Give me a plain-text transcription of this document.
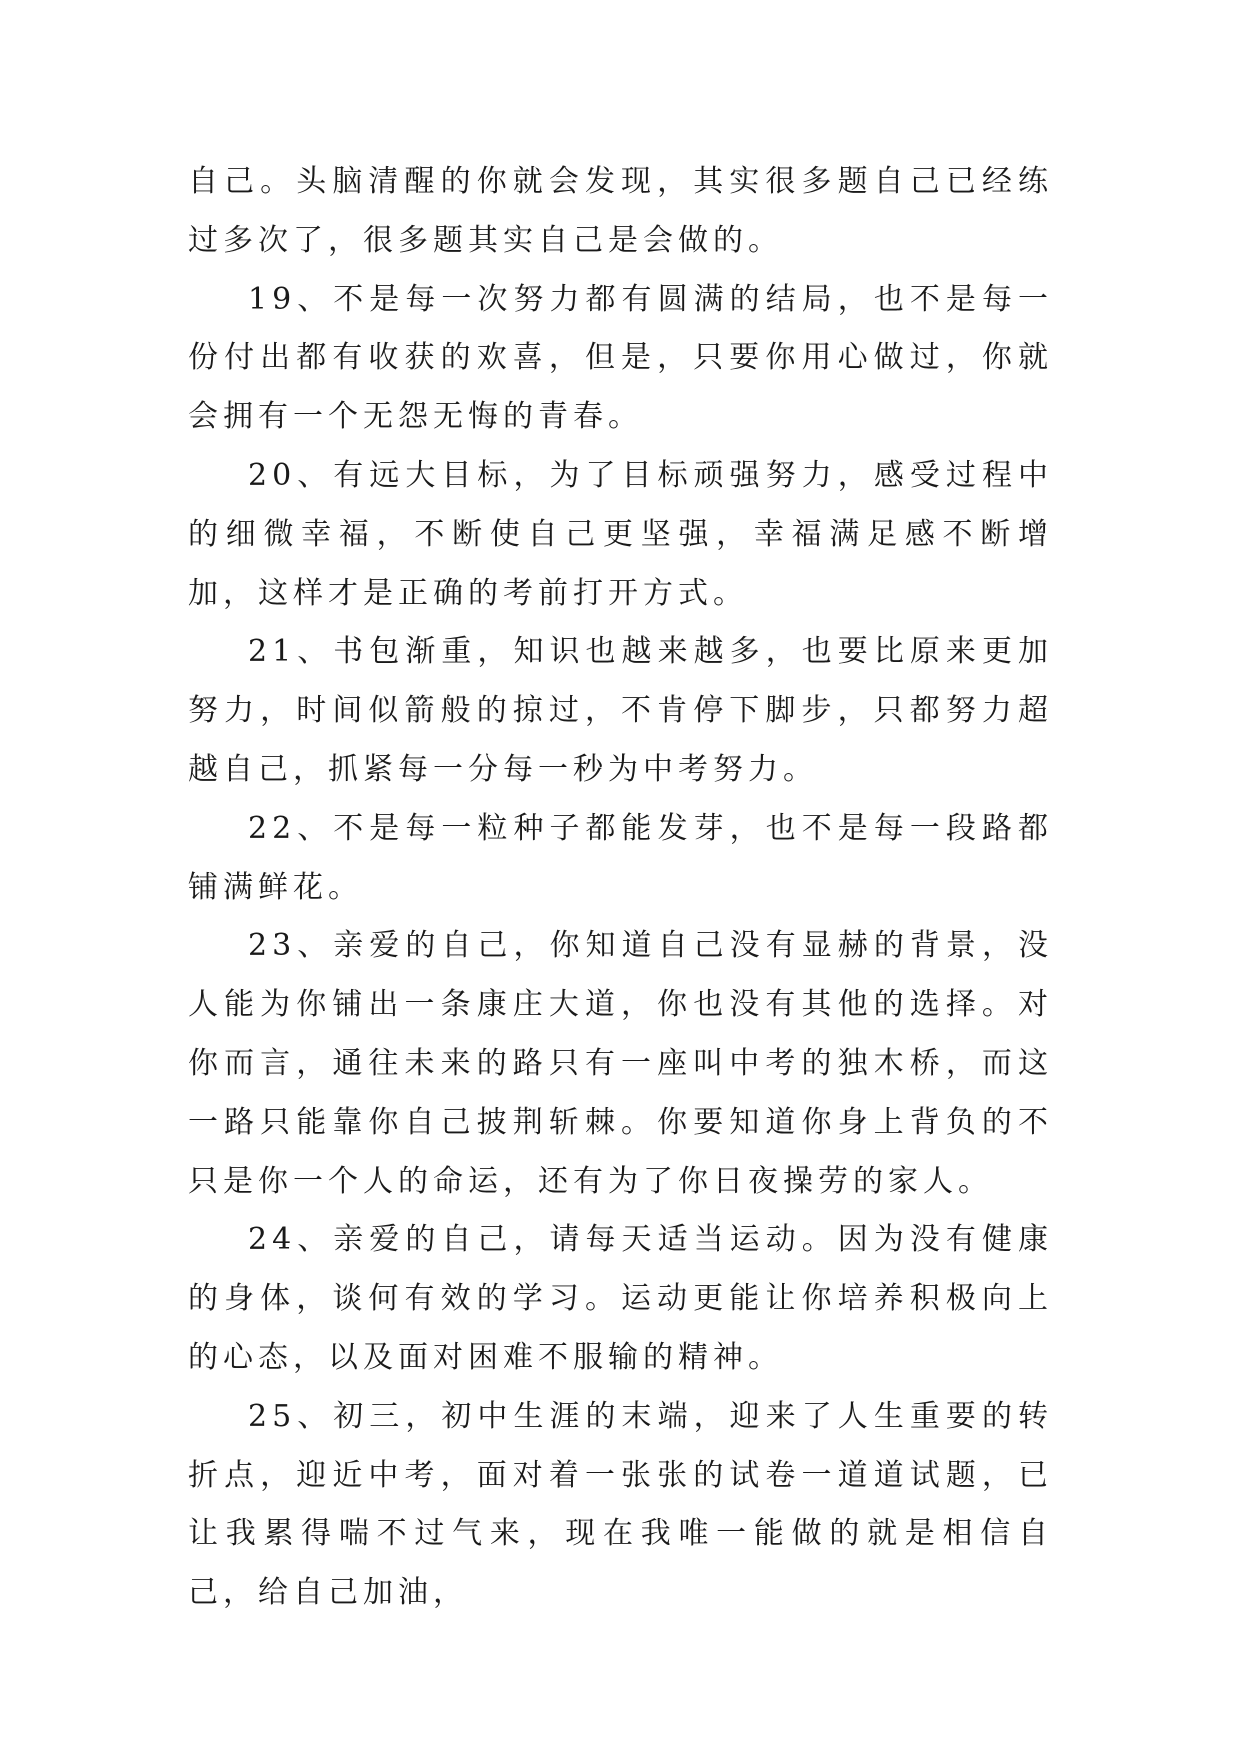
自己。头脑清醒的你就会发现，其实很多题自己已经练过多次了，很多题其实自己是会做的。

19、不是每一次努力都有圆满的结局，也不是每一份付出都有收获的欢喜，但是，只要你用心做过，你就会拥有一个无怨无悔的青春。

20、有远大目标，为了目标顽强努力，感受过程中的细微幸福，不断使自己更坚强，幸福满足感不断增加，这样才是正确的考前打开方式。

21、书包渐重，知识也越来越多，也要比原来更加努力，时间似箭般的掠过，不肯停下脚步，只都努力超越自己，抓紧每一分每一秒为中考努力。

22、不是每一粒种子都能发芽，也不是每一段路都铺满鲜花。

23、亲爱的自己，你知道自己没有显赫的背景，没人能为你铺出一条康庄大道，你也没有其他的选择。对你而言，通往未来的路只有一座叫中考的独木桥，而这一路只能靠你自己披荆斩棘。你要知道你身上背负的不只是你一个人的命运，还有为了你日夜操劳的家人。

24、亲爱的自己，请每天适当运动。因为没有健康的身体，谈何有效的学习。运动更能让你培养积极向上的心态，以及面对困难不服输的精神。

25、初三，初中生涯的末端，迎来了人生重要的转折点，迎近中考，面对着一张张的试卷一道道试题，已让我累得喘不过气来，现在我唯一能做的就是相信自己，给自己加油，
